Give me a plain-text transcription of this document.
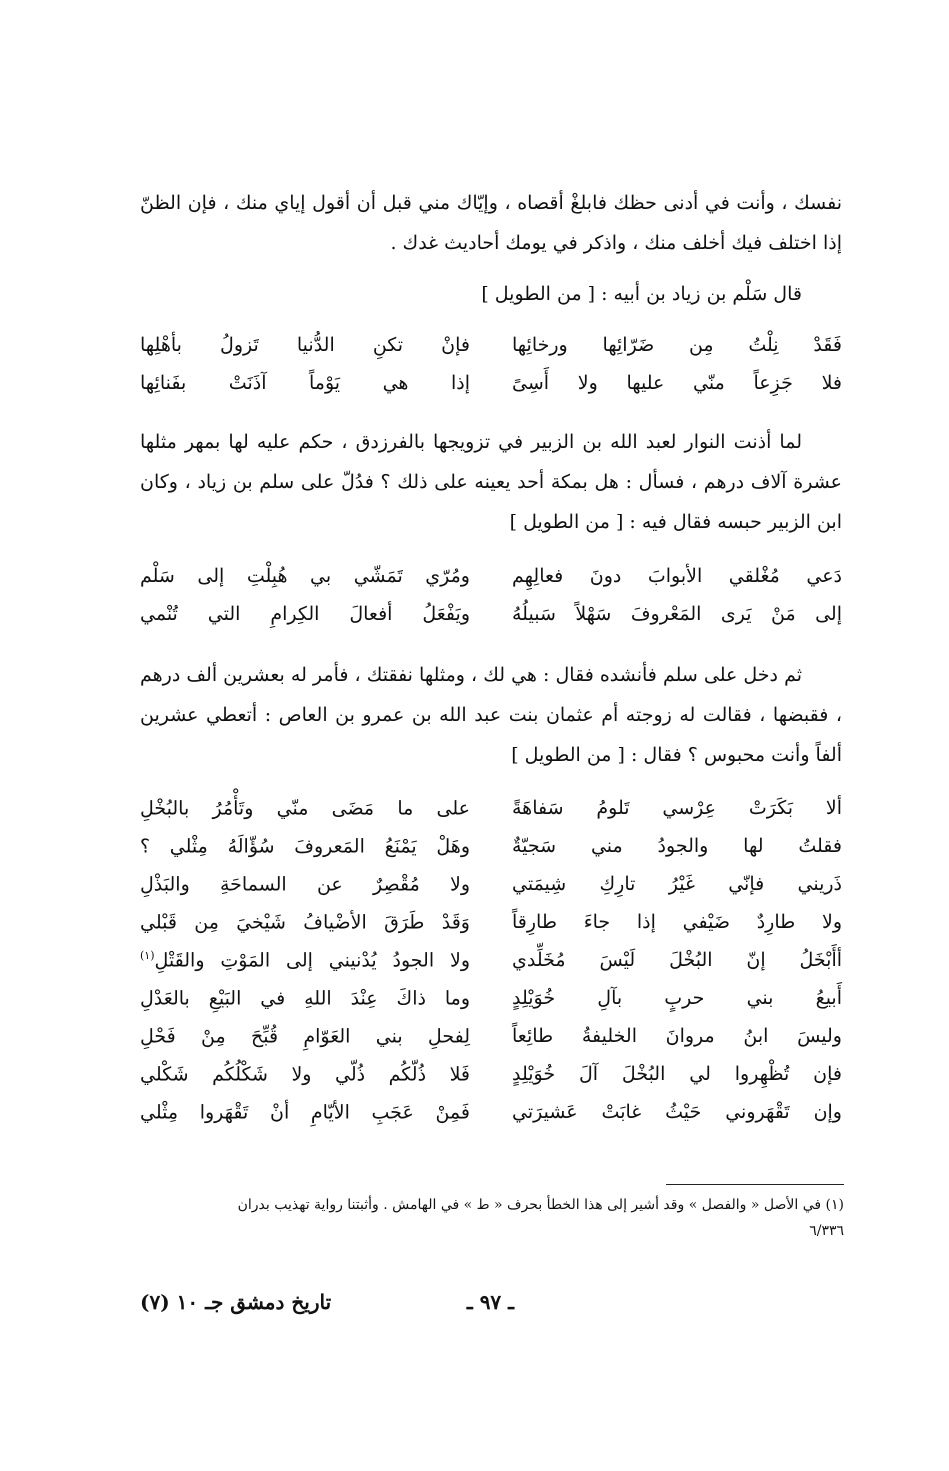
نفسك ، وأنت في أدنى حظك فابلغْ أقصاه ، وإيّاك مني قبل أن أقول إياي منك ، فإن الظنّ إذا اختلف فيك أخلف منك ، واذكر في يومك أحاديث غدك .

قال سَلْم بن زياد بن أبيه : [ من الطويل ]

فَقَدْ نِلْتُ مِن ضَرّائِها ورخائِها
فإنْ تكنِ الدُّنيا تَزولُ بأهْلِها
فلا جَزِعاً منّي عليها ولا أَسِىً
إذا هي يَوْماً آذَنَتْ بفَنائِها

لما أذنت النوار لعبد الله بن الزبير في تزويجها بالفرزدق ، حكم عليه لها بمهر مثلها عشرة آلاف درهم ، فسأل : هل بمكة أحد يعينه على ذلك ؟ فدُلّ على سلم بن زياد ، وكان ابن الزبير حبسه فقال فيه : [ من الطويل ]

دَعي مُغْلقي الأبوابَ دونَ فعالِهِم
ومُرّي تَمَشّي بي هُبِلْتِ إلى سَلْم
إلى مَنْ يَرى المَعْروفَ سَهْلاً سَبيلُهُ
ويَفْعَلُ أفعالَ الكِرامِ التي تُنْمي

ثم دخل على سلم فأنشده فقال : هي لك ، ومثلها نفقتك ، فأمر له بعشرين ألف درهم ، فقبضها ، فقالت له زوجته أم عثمان بنت عبد الله بن عمرو بن العاص : أتعطي عشرين ألفاً وأنت محبوس ؟ فقال : [ من الطويل ]

ألا بَكَرَتْ عِرْسي تَلومُ سَفاهَةً
على ما مَضَى منّي وتَأْمُرُ بالبُخْلِ
فقلتُ لها والجودُ مني سَجيّةٌ
وهَلْ يَمْنَعُ المَعروفَ سُؤّالَهُ مِثْلي ؟
ذَريني فإنّي غَيْرُ تارِكِ شِيمَتي
ولا مُقْصِرٌ عن السماحَةِ والبَذْلِ
ولا طارِدٌ ضَيْفي إذا جاءَ طارِقاً
وَقَدْ طَرَقَ الأضْيافُ شَيْخيَ مِن قَبْلي
أأَبْخَلُ إنّ البُخْلَ لَيْسَ مُخَلِّدي
ولا الجودُ يُدْنيني إلى المَوْتِ والقَتْلِ$^{(١)}$
أَبيعُ بني حربٍ بآلِ خُوَيْلِدٍ
وما ذاكَ عِنْدَ اللهِ في البَيْعِ بالعَدْلِ
وليسَ ابنُ مروانَ الخليفةُ طائِعاً
لِفحلِ بني العَوّامِ قُبِّحَ مِنْ فَحْلِ
فإن تُظْهِروا لي البُخْلَ آلَ خُوَيْلِدٍ
فَلا ذُلّكُم ذُلّي ولا شَكْلُكُم شَكْلي
وإن تَقْهَروني حَيْثُ غابَتْ عَشيرَتي
فَمِنْ عَجَبِ الأيّامِ أنْ تَقْهَروا مِثْلي
(١) في الأصل « والفصل » وقد أشير إلى هذا الخطأ بحرف « ط » في الهامش . وأثبتنا رواية تهذيب بدران
٦/٣٣٦
ـ ٩٧ ـ
تاريخ دمشق جـ ١٠ (٧)
